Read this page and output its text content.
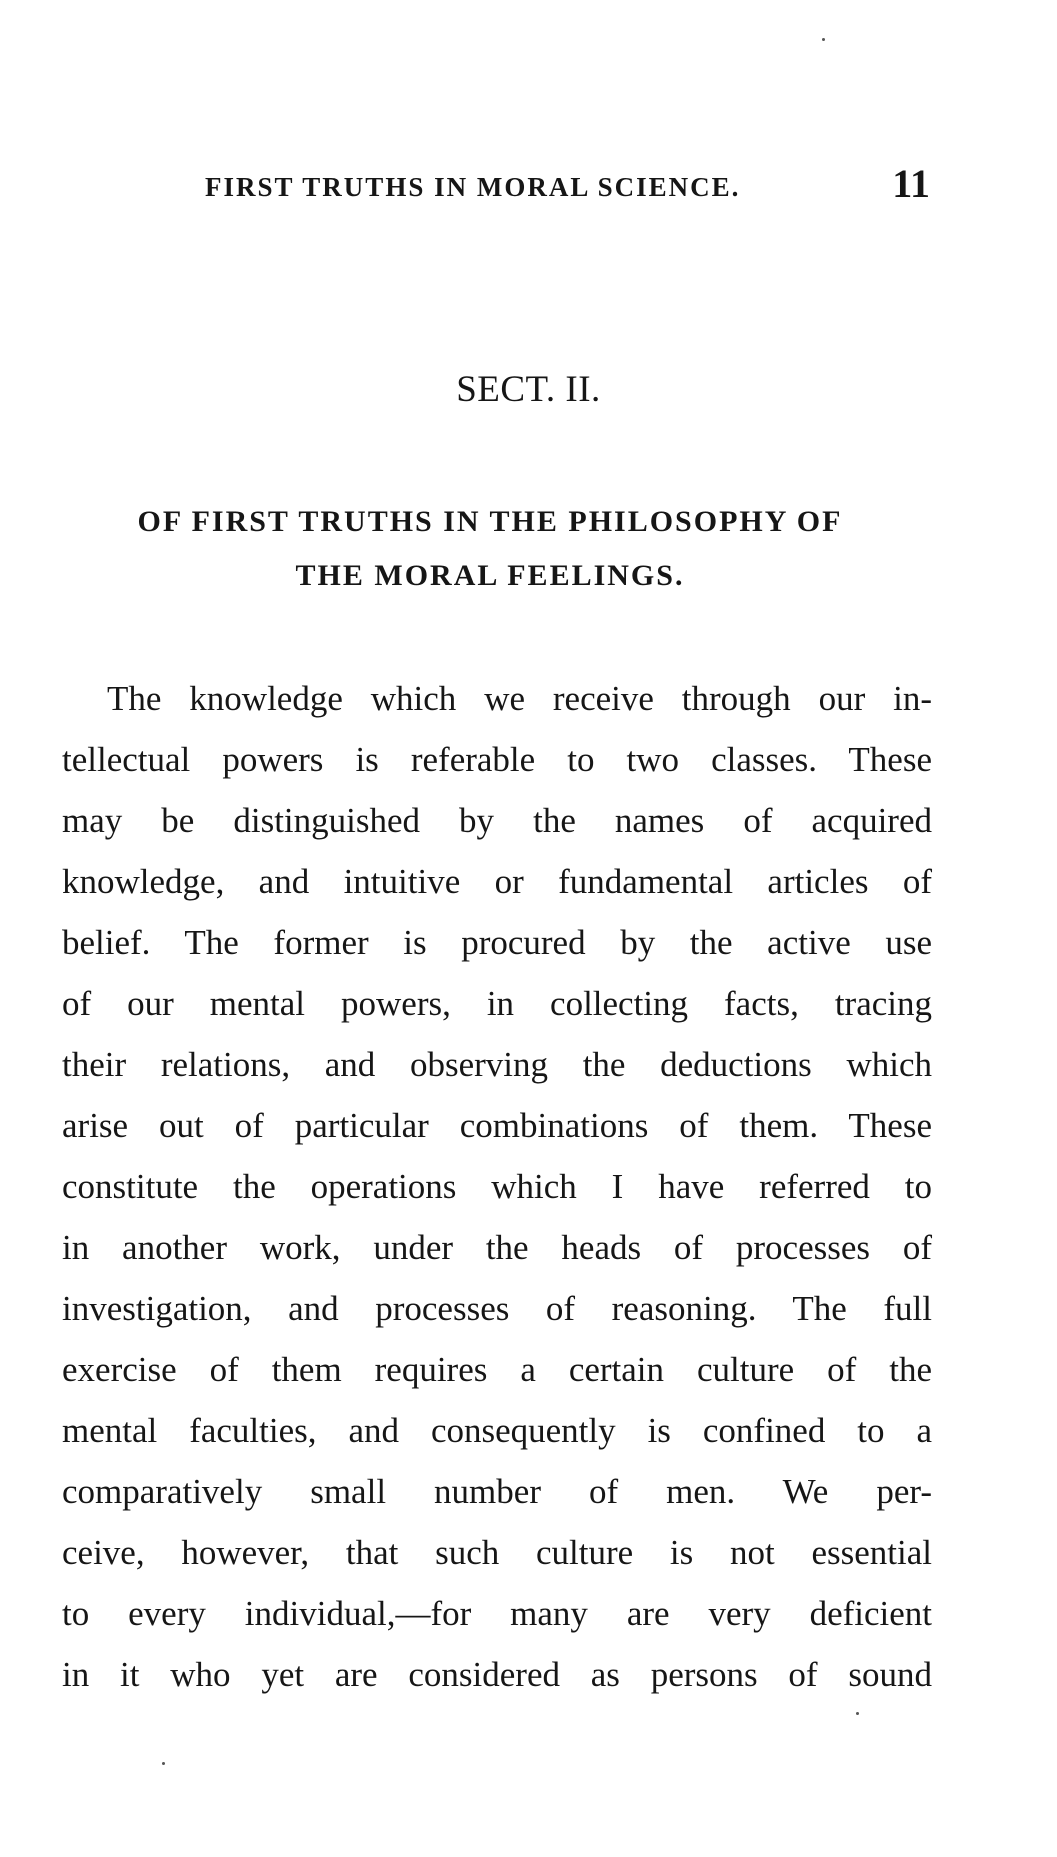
FIRST TRUTHS IN MORAL SCIENCE.	11
SECT. II.
OF FIRST TRUTHS IN THE PHILOSOPHY OF
THE MORAL FEELINGS.
The knowledge which we receive through our in-
tellectual powers is referable to two classes. These
may be distinguished by the names of acquired
knowledge, and intuitive or fundamental articles of
belief. The former is procured by the active use
of our mental powers, in collecting facts, tracing
their relations, and observing the deductions which
arise out of particular combinations of them. These
constitute the operations which I have referred to
in another work, under the heads of processes of
investigation, and processes of reasoning. The full
exercise of them requires a certain culture of the
mental faculties, and consequently is confined to a
comparatively small number of men. We per-
ceive, however, that such culture is not essential
to every individual,—for many are very deficient
in it who yet are considered as persons of sound
